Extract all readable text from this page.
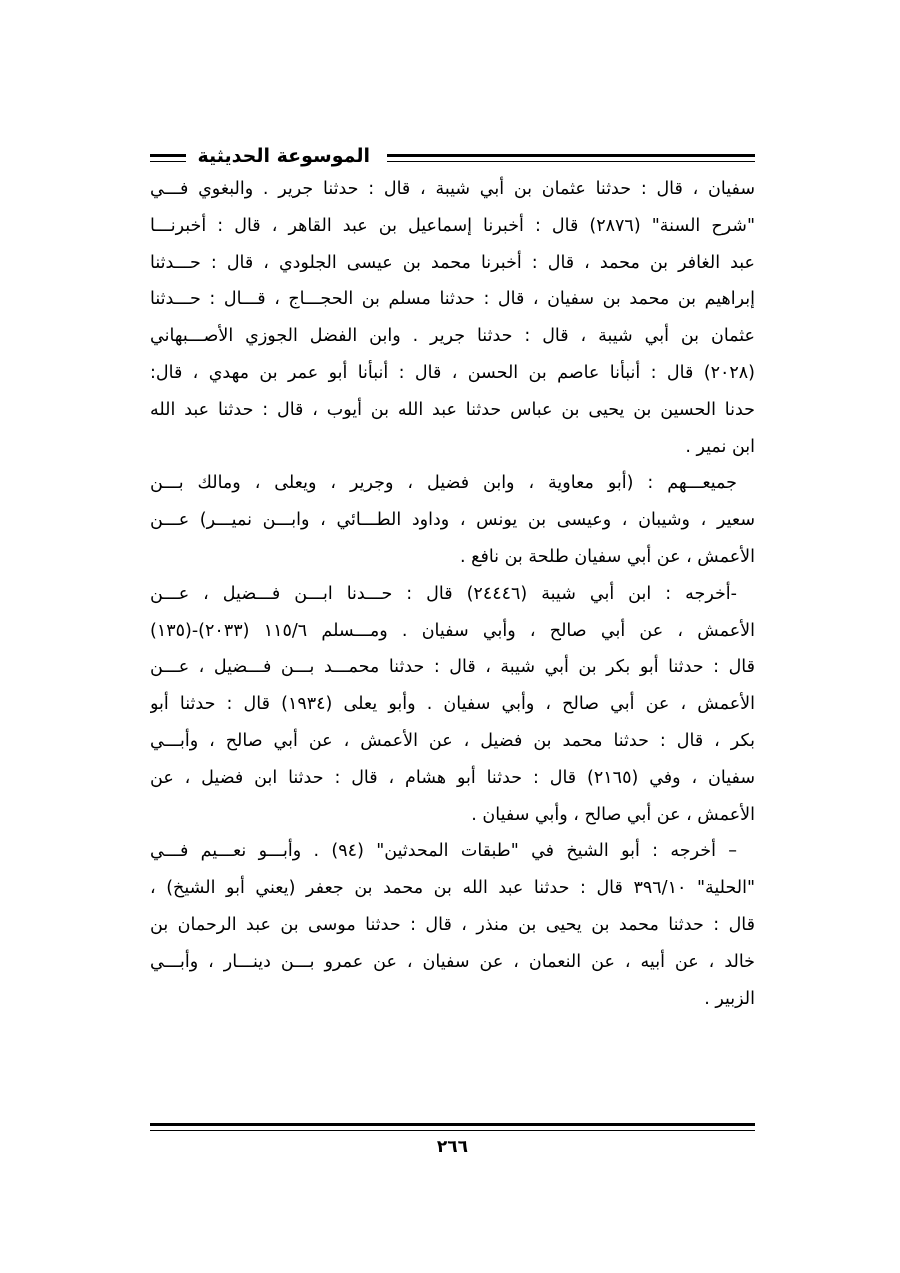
الموسوعة الحديثية
سفيان ، قال : حدثنا عثمان بن أبي شيبة ، قال : حدثنا جرير . والبغوي فـــي
"شرح السنة" (٢٨٧٦) قال : أخبرنا إسماعيل بن عبد القاهر ، قال : أخبرنـــا
عبد الغافر بن محمد ، قال : أخبرنا محمد بن عيسى الجلودي ، قال : حـــدثنا
إبراهيم بن محمد بن سفيان ، قال : حدثنا مسلم بن الحجـــاج ، قـــال : حـــدثنا
عثمان بن أبي شيبة ، قال : حدثنا جرير . وابن الفضل الجوزي الأصـــبهاني
(٢٠٢٨) قال : أنبأنا عاصم بن الحسن ، قال : أنبأنا أبو عمر بن مهدي ، قال:
حدنا الحسين بن يحيى بن عباس حدثنا عبد الله بن أيوب ، قال : حدثنا عبد الله
ابن نمير .
جميعـــهم : (أبو معاوية ، وابن فضيل ، وجرير ، ويعلى ، ومالك بـــن
سعير ، وشيبان ، وعيسى بن يونس ، وداود الطـــائي ، وابـــن نميـــر) عـــن
الأعمش ، عن أبي سفيان طلحة بن نافع .
-أخرجه : ابن أبي شيبة (٢٤٤٤٦) قال : حـــدنا ابـــن فـــضيل ، عـــن
الأعمش ، عن أبي صالح ، وأبي سفيان . ومـــسلم ١١٥/٦ (٢٠٣٣)-(١٣٥)
قال : حدثنا أبو بكر بن أبي شيبة ، قال : حدثنا محمـــد بـــن فـــضيل ، عـــن
الأعمش ، عن أبي صالح ، وأبي سفيان . وأبو يعلى (١٩٣٤) قال : حدثنا أبو
بكر ، قال : حدثنا محمد بن فضيل ، عن الأعمش ، عن أبي صالح ، وأبـــي
سفيان ، وفي (٢١٦٥) قال : حدثنا أبو هشام ، قال : حدثنا ابن فضيل ، عن
الأعمش ، عن أبي صالح ، وأبي سفيان .
– أخرجه : أبو الشيخ في "طبقات المحدثين" (٩٤) . وأبـــو نعـــيم فـــي
"الحلية" ٣٩٦/١٠ قال : حدثنا عبد الله بن محمد بن جعفر (يعني أبو الشيخ) ،
قال : حدثنا محمد بن يحيى بن منذر ، قال : حدثنا موسى بن عبد الرحمان بن
خالد ، عن أبيه ، عن النعمان ، عن سفيان ، عن عمرو بـــن دينـــار ، وأبـــي
الزبير .
٢٦٦
